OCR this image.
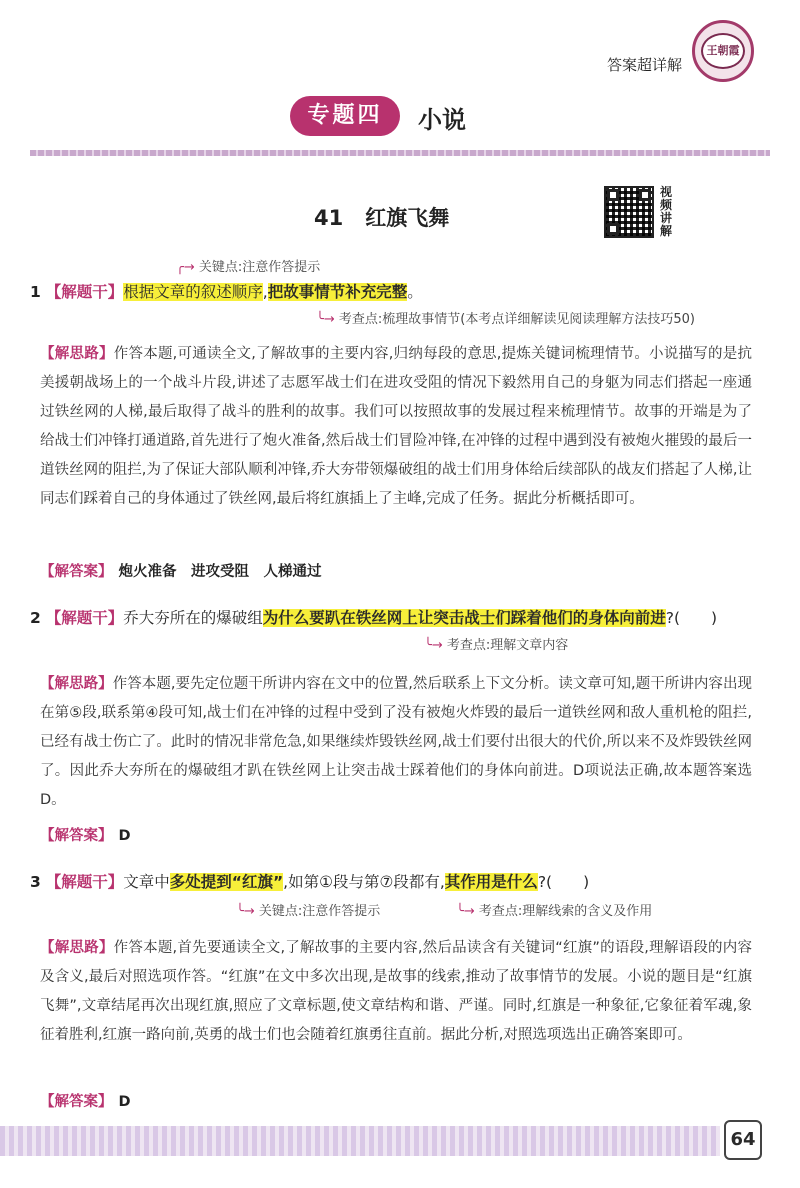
答案超详解
王朝霞
专题四	小说
41 红旗飞舞
视频讲解
╭→ 关键点:注意作答提示
1 【解题干】根据文章的叙述顺序,把故事情节补充完整。
╰→ 考查点:梳理故事情节(本考点详细解读见阅读理解方法技巧50)
【解思路】作答本题,可通读全文,了解故事的主要内容,归纳每段的意思,提炼关键词梳理情节。小说描写的是抗美援朝战场上的一个战斗片段,讲述了志愿军战士们在进攻受阻的情况下毅然用自己的身躯为同志们搭起一座通过铁丝网的人梯,最后取得了战斗的胜利的故事。我们可以按照故事的发展过程来梳理情节。故事的开端是为了给战士们冲锋打通道路,首先进行了炮火准备,然后战士们冒险冲锋,在冲锋的过程中遇到没有被炮火摧毁的最后一道铁丝网的阻拦,为了保证大部队顺利冲锋,乔大夯带领爆破组的战士们用身体给后续部队的战友们搭起了人梯,让同志们踩着自己的身体通过了铁丝网,最后将红旗插上了主峰,完成了任务。据此分析概括即可。
【解答案】 炮火准备　进攻受阻　人梯通过
2 【解题干】乔大夯所在的爆破组为什么要趴在铁丝网上让突击战士们踩着他们的身体向前进?(　　)
╰→ 考查点:理解文章内容
【解思路】作答本题,要先定位题干所讲内容在文中的位置,然后联系上下文分析。读文章可知,题干所讲内容出现在第⑤段,联系第④段可知,战士们在冲锋的过程中受到了没有被炮火炸毁的最后一道铁丝网和敌人重机枪的阻拦,已经有战士伤亡了。此时的情况非常危急,如果继续炸毁铁丝网,战士们要付出很大的代价,所以来不及炸毁铁丝网了。因此乔大夯所在的爆破组才趴在铁丝网上让突击战士踩着他们的身体向前进。D项说法正确,故本题答案选D。
【解答案】 D
3 【解题干】文章中多处提到“红旗”,如第①段与第⑦段都有,其作用是什么?(　　)
╰→ 关键点:注意作答提示	╰→ 考查点:理解线索的含义及作用
【解思路】作答本题,首先要通读全文,了解故事的主要内容,然后品读含有关键词“红旗”的语段,理解语段的内容及含义,最后对照选项作答。“红旗”在文中多次出现,是故事的线索,推动了故事情节的发展。小说的题目是“红旗飞舞”,文章结尾再次出现红旗,照应了文章标题,使文章结构和谐、严谨。同时,红旗是一种象征,它象征着军魂,象征着胜利,红旗一路向前,英勇的战士们也会随着红旗勇往直前。据此分析,对照选项选出正确答案即可。
【解答案】 D
64
